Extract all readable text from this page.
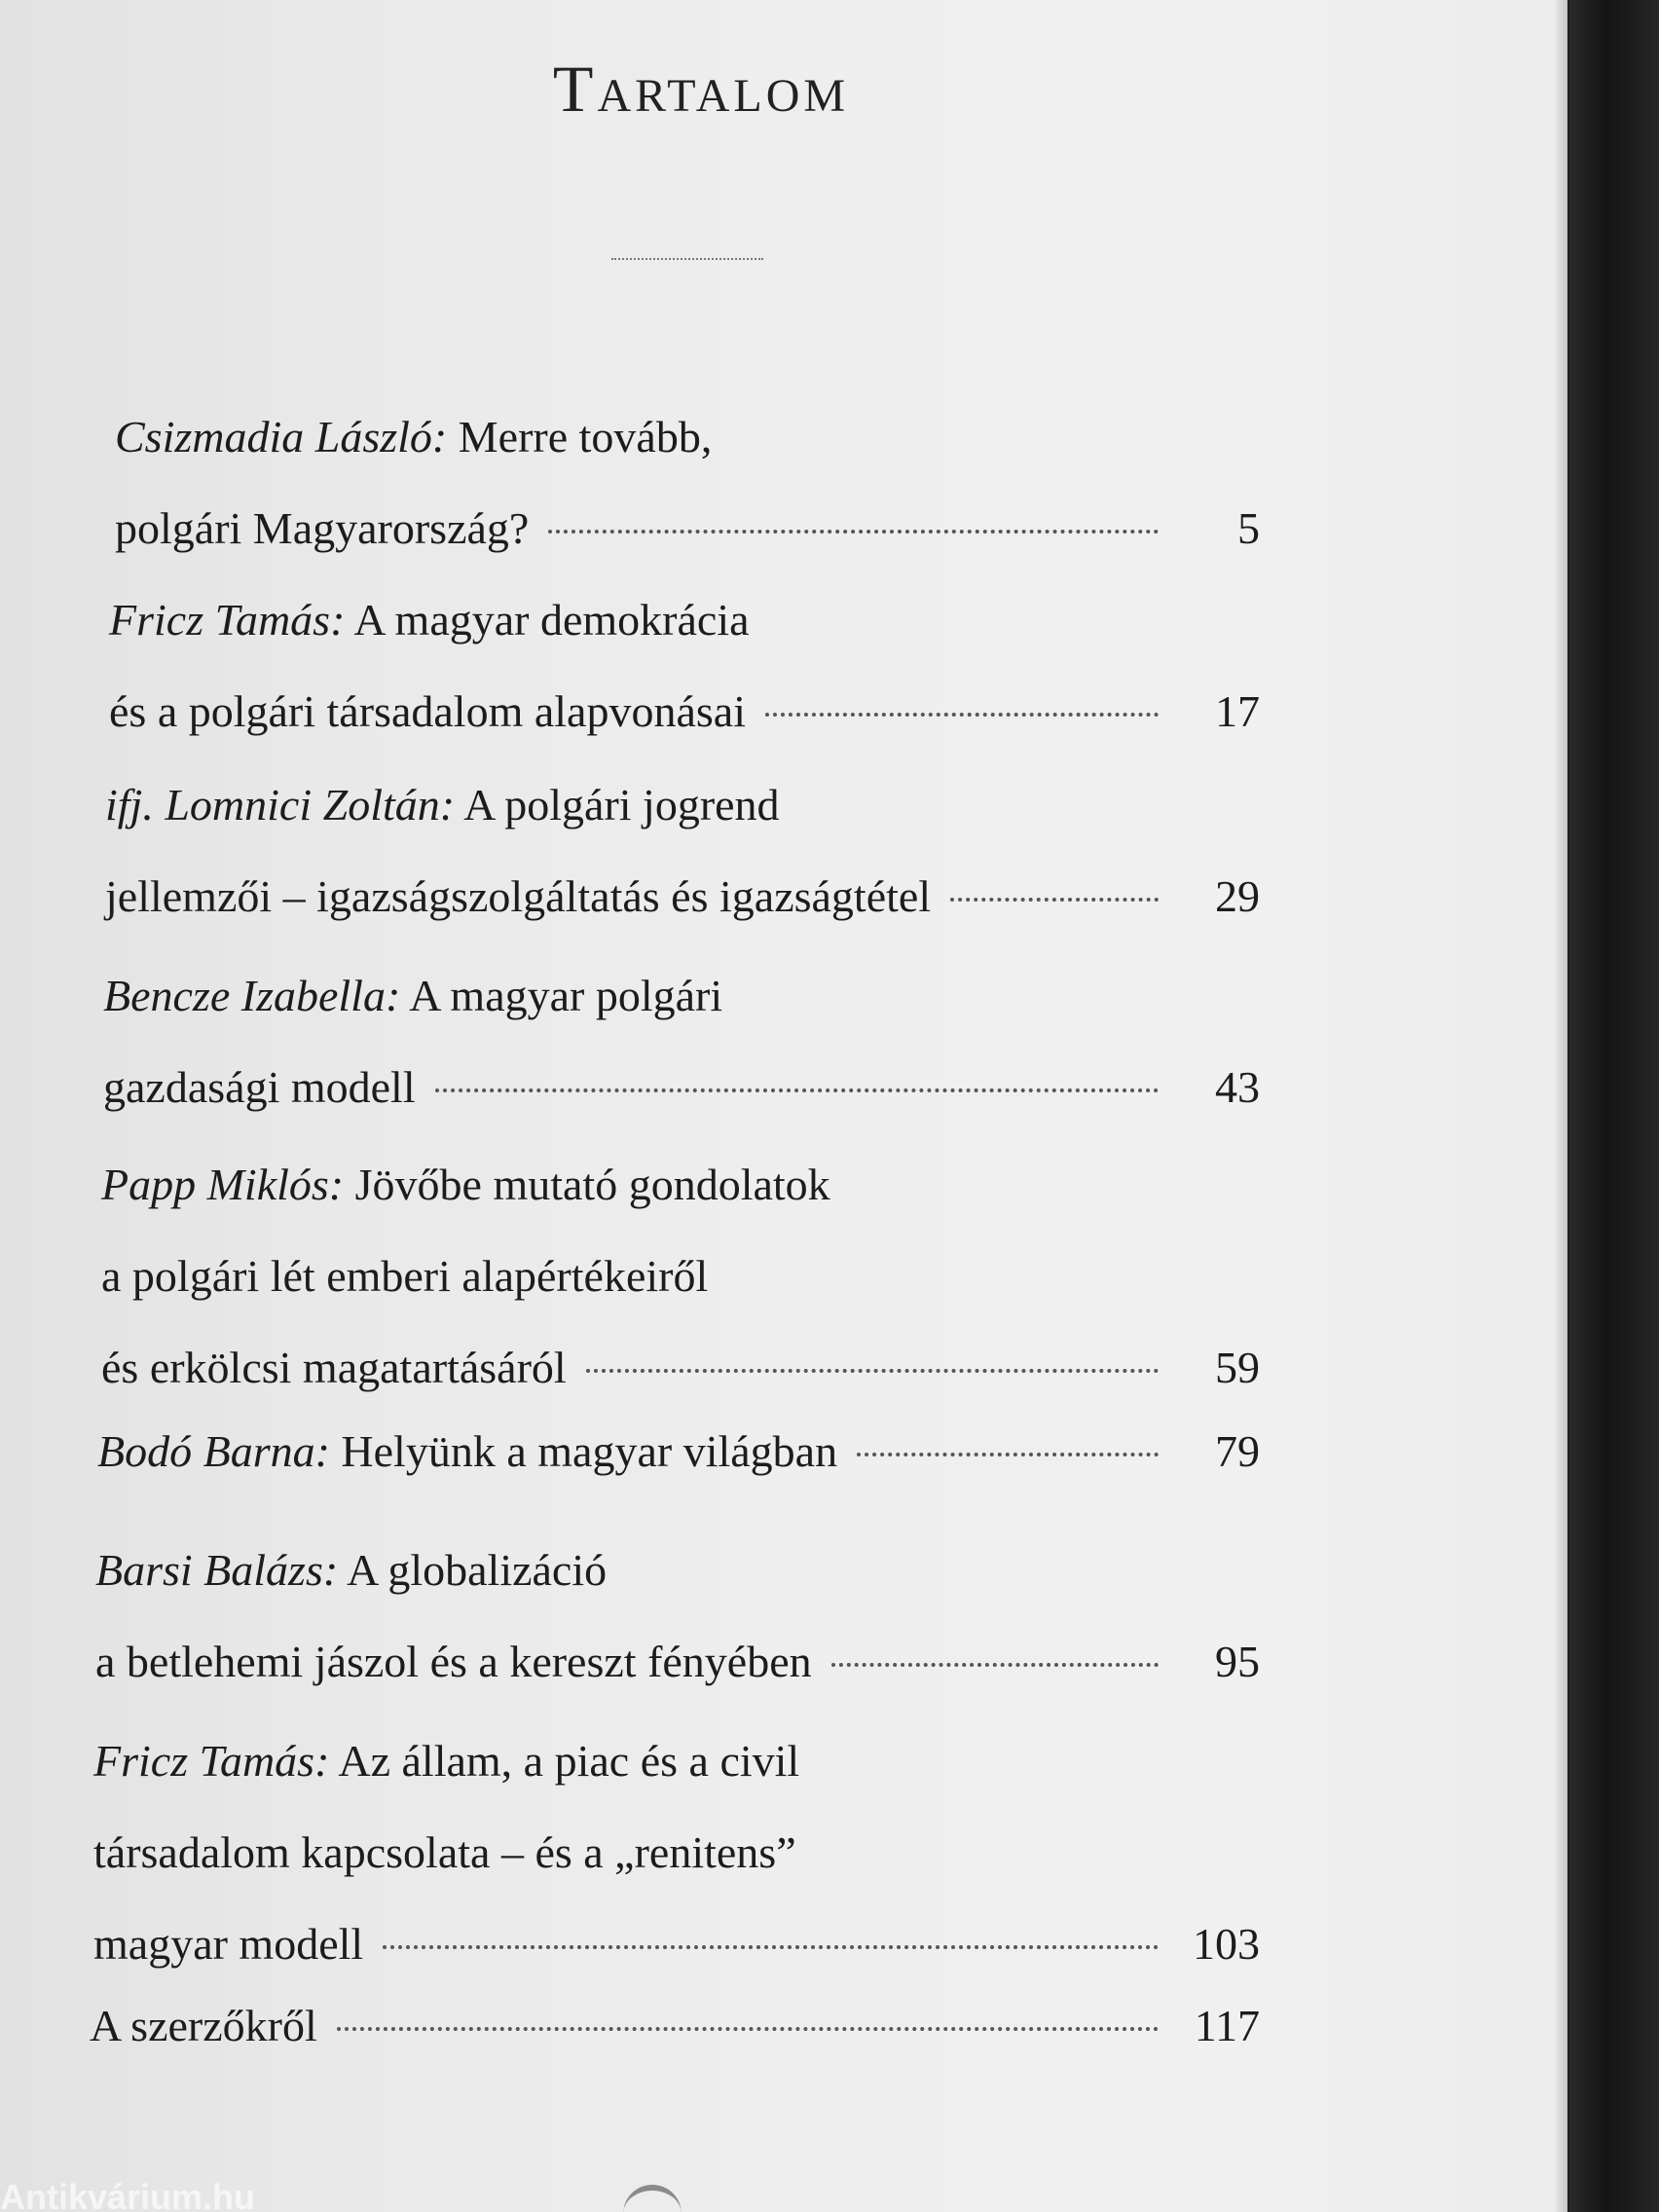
Tartalom
Csizmadia László: Merre tovább,
polgári Magyarország?	5
Fricz Tamás: A magyar demokrácia
és a polgári társadalom alapvonásai	17
ifj. Lomnici Zoltán: A polgári jogrend
jellemzői – igazságszolgáltatás és igazságtétel	29
Bencze Izabella: A magyar polgári
gazdasági modell	43
Papp Miklós: Jövőbe mutató gondolatok
a polgári lét emberi alapértékeiről
és erkölcsi magatartásáról	59
Bodó Barna: Helyünk a magyar világban	79
Barsi Balázs: A globalizáció
a betlehemi jászol és a kereszt fényében	95
Fricz Tamás: Az állam, a piac és a civil
társadalom kapcsolata – és a „renitens”
magyar modell	103
A szerzőkről	117
Antikvárium.hu
